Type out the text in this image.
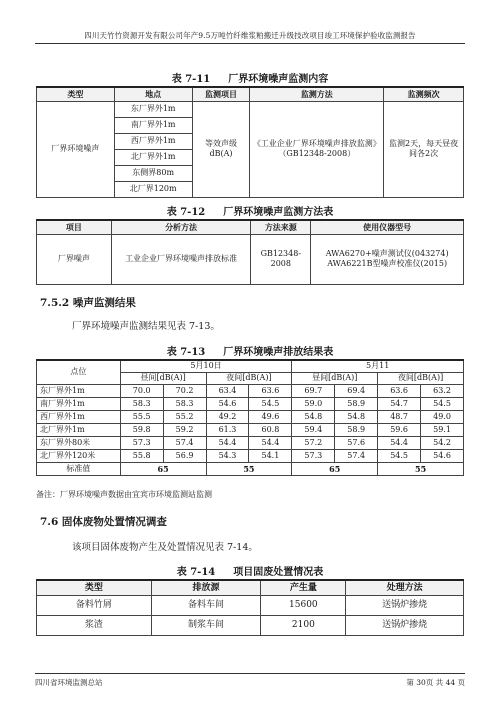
四川天竹竹资源开发有限公司年产9.5万吨竹纤维浆粕搬迁升级技改项目竣工环境保护验收监测报告
表 7-11 厂界环境噪声监测内容
类型	地点	监测项目	监测方法	监测频次
厂界环境噪声	东厂界外1m	等效声级dB(A)	《工业企业厂界环境噪声排放监测》（GB12348-2008）	监测2天，每天昼夜间各2次
	南厂界外1m			
	西厂界外1m			
	北厂界外1m			
	东侧界80m			
	北厂界120m			
表 7-12 厂界环境噪声监测方法表
项目	分析方法	方法来源	使用仪器型号
厂界噪声	工业企业厂界环境噪声排放标准	GB12348-2008	AWA6270+噪声测试仪(043274)
AWA6221B型噪声校准仪(2015)
7.5.2 噪声监测结果
厂界环境噪声监测结果见表 7-13。
表 7-13 厂界环境噪声排放结果表
点位	5月10日				5月11			
	昼间[dB(A)]		夜间[dB(A)]		昼间[dB(A)]		夜间[dB(A)]	
东厂界外1m	70.0	70.2	63.4	63.6	69.7	69.4	63.6	63.2
南厂界外1m	58.3	58.3	54.6	54.5	59.0	58.9	54.7	54.5
西厂界外1m	55.5	55.2	49.2	49.6	54.8	54.8	48.7	49.0
北厂界外1m	59.8	59.2	61.3	60.8	59.4	58.9	59.6	59.1
东厂界外80米	57.3	57.4	54.4	54.4	57.2	57.6	54.4	54.2
北厂界外120米	55.8	56.9	54.3	54.1	57.3	57.4	54.5	54.6
标准值	65		55		65		55	
备注：厂界环境噪声数据由宜宾市环境监测站监测
7.6 固体废物处置情况调查
该项目固体废物产生及处置情况见表 7-14。
表 7-14 项目固废处置情况表
类型	排放源	产生量	处理方法
备料竹屑	备料车间	15600	送锅炉掺烧
浆渣	制浆车间	2100	送锅炉掺烧
四川省环境监测总站	第 30页 共 44 页
